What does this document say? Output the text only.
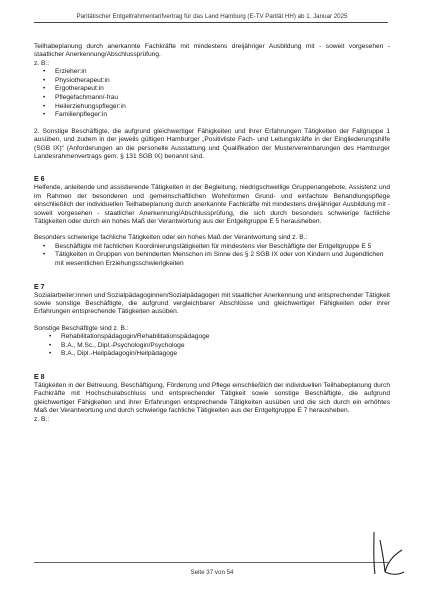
Paritätischer Entgeltrahmentarifvertrag für das Land Hamburg (E-TV Parität HH) ab 1. Januar 2025

Teilhabeplanung durch anerkannte Fachkräfte mit mindestens dreijähriger Ausbildung mit - soweit vorgesehen - staatlicher Anerkennung/Abschlussprüfung.

z. B.:

• Erzieher:in
• Physiotherapeut:in
• Ergotherapeut:in
• Pflegefachmann/-frau
• Heilerziehungspfleger:in
• Familienpfleger:in

2. Sonstige Beschäftigte, die aufgrund gleichwertiger Fähigkeiten und ihrer Erfahrungen Tätigkeiten der Fallgruppe 1 ausüben, und zudem in der jeweils gültigen Hamburger „Positivliste Fach- und Leitungskräfte in der Eingliederungshilfe (SGB IX)“ (Anforderungen an die personelle Ausstattung und Qualifikation der Mustervereinbarungen des Hamburger Landesrahmenvertrags gem. § 131 SGB IX) benannt sind.

E 6

Helfende, anleitende und assistierende Tätigkeiten in der Begleitung, niedrigschwellige Gruppenangebote, Assistenz und im Rahmen der besonderen und gemeinschaftlichen Wohnformen Grund- und einfachste Behandlungspflege einschließlich der individuellen Teilhabeplanung durch anerkannte Fachkräfte mit mindestens dreijähriger Ausbildung mit - soweit vorgesehen - staatlicher Anerkennung/Abschlussprüfung, die sich durch besonders schwierige fachliche Tätigkeiten oder durch ein hohes Maß der Verantwortung aus der Entgeltgruppe E 5 herausheben.

Besonders schwierige fachliche Tätigkeiten oder ein hohes Maß der Verantwortung sind z. B.:

• Beschäftigte mit fachlichen Koordinierungstätigkeiten für mindestens vier Beschäftigte der Entgeltgruppe E 5
• Tätigkeiten in Gruppen von behinderten Menschen im Sinne des § 2 SGB IX oder von Kindern und Jugendlichen mit wesentlichen Erziehungsschwierigkeiten

E 7

Sozialarbeiter:innen und Sozialpädagoginnen/Sozialpädagogen mit staatlicher Anerkennung und entsprechender Tätigkeit sowie sonstige Beschäftigte, die aufgrund vergleichbarer Abschlüsse und gleichwertiger Fähigkeiten oder ihrer Erfahrungen entsprechende Tätigkeiten ausüben.

Sonstige Beschäftigte sind z. B.:

• Rehabilitationspädagogin/Rehabilitationspädagoge
• B.A., M.Sc., Dipl.-Psychologin/Psychologe
• B.A., Dipl.-Heilpädagogin/Heilpädagoge

E 8

Tätigkeiten in der Betreuung, Beschäftigung, Förderung und Pflege einschließlich der individuellen Teilhabeplanung durch Fachkräfte mit Hochschulabschluss und entsprechender Tätigkeit sowie sonstige Beschäftigte, die aufgrund gleichwertiger Fähigkeiten und ihrer Erfahrungen entsprechende Tätigkeiten ausüben und die sich durch ein erhöhtes Maß der Verantwortung und durch schwierige fachliche Tätigkeiten aus der Entgeltgruppe E 7 herausheben.

z. B.:

Seite 37 von 54
